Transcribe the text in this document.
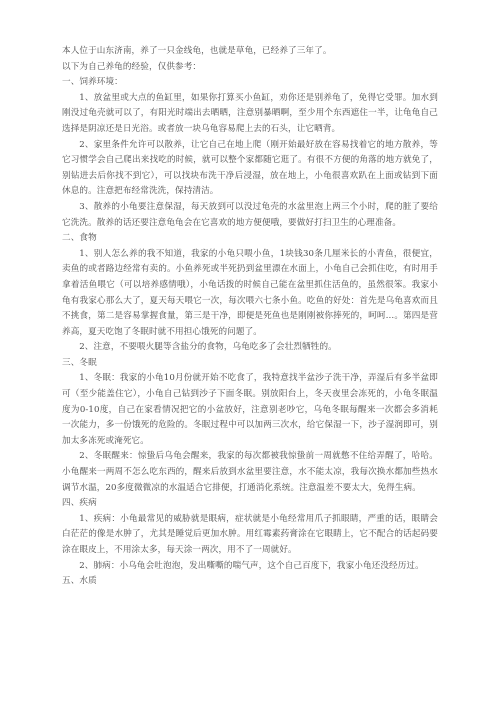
本人位于山东济南，养了一只金线龟，也就是草龟，已经养了三年了。

以下为自己养龟的经验，仅供参考：

一、饲养环境：

1、放盆里或大点的鱼缸里，如果你打算买小鱼缸，劝你还是别养龟了，免得它受罪。加水到刚没过龟壳就可以了，有阳光时端出去晒晒，注意别暴晒啊，至少用个东西遮住一半，让龟龟自己选择是阴凉还是日光浴。或者放一块乌龟容易爬上去的石头，让它晒背。

2、家里条件允许可以散养，让它自己在地上爬（刚开始最好放在容易找着它的地方散养，等它习惯学会自己爬出来找吃的时候，就可以整个家都随它逛了。有很不方便的角落的地方就免了，别钻进去后你找不到它），可以找块布洗干净后浸湿，放在地上，小龟很喜欢趴在上面或钻到下面休息的。注意把布经常洗洗，保持清洁。

3、散养的小龟要注意保湿，每天放到可以没过龟壳的水盆里泡上两三个小时，爬的脏了要给它洗洗。散养的话还要注意龟龟会在它喜欢的地方便便哦，要做好打扫卫生的心理准备。

二、食物

1、别人怎么养的我不知道，我家的小龟只喂小鱼，1块钱30条几厘米长的小青鱼，很便宜，卖鱼的或者路边经常有卖的。小鱼养死或半死扔到盆里漂在水面上，小龟自己会抓住吃，有时用手拿着活鱼喂它（可以培养感情哦），小龟话拨的时候自己能在盆里抓住活鱼的，虽然很笨。我家小龟有我家心那么大了，夏天每天喂它一次，每次喂六七条小鱼。吃鱼的好处：首先是乌龟喜欢而且不挑食，第二是容易掌握食量，第三是干净，即便是死鱼也是刚刚被你捧死的，呵呵…。第四是营养高，夏天吃饱了冬眠时就不用担心饿死的问题了。

2、注意，不要喂火腿等含盐分的食物，乌龟吃多了会壮烈牺牲的。

三、冬眠

1、冬眠：我家的小龟10月份就开始不吃食了，我特意找半盆沙子洗干净，弄湿后有多半盆即可（至少能盖住它），小龟自己钻到沙子下面冬眠。别放阳台上，冬天夜里会冻死的，小龟冬眠温度为0-10度，自己在家看情况把它的小盆放好，注意别老吵它，乌龟冬眠每醒来一次都会多消耗一次能力，多一份饿死的危险的。冬眠过程中可以加两三次水，给它保湿一下，沙子湿润即可，别加太多冻死或淹死它。

2、冬眠醒来：惊蛰后乌龟会醒来，我家的每次都被我惊蛰前一周就憋不住给弄醒了，哈哈。小龟醒来一两周不怎么吃东西的，醒来后放到水盆里要注意，水不能太凉，我每次换水都加些热水调节水温，20多度微微凉的水温适合它排便，打通消化系统。注意温差不要太大，免得生病。

四、疾病

1、疾病：小龟最常见的威胁就是眼病，症状就是小龟经常用爪子抓眼睛，严重的话，眼睛会白茫茫的像是水肿了，尤其是睡觉后更加水肿。用红霉素药膏涂在它眼睛上，它不配合的话起码要涂在眼皮上，不用涂太多，每天涂一两次，用不了一周就好。

2、肺病：小乌龟会吐泡泡，发出嘶嘶的喘气声，这个自己百度下，我家小龟还没经历过。

五、水质
